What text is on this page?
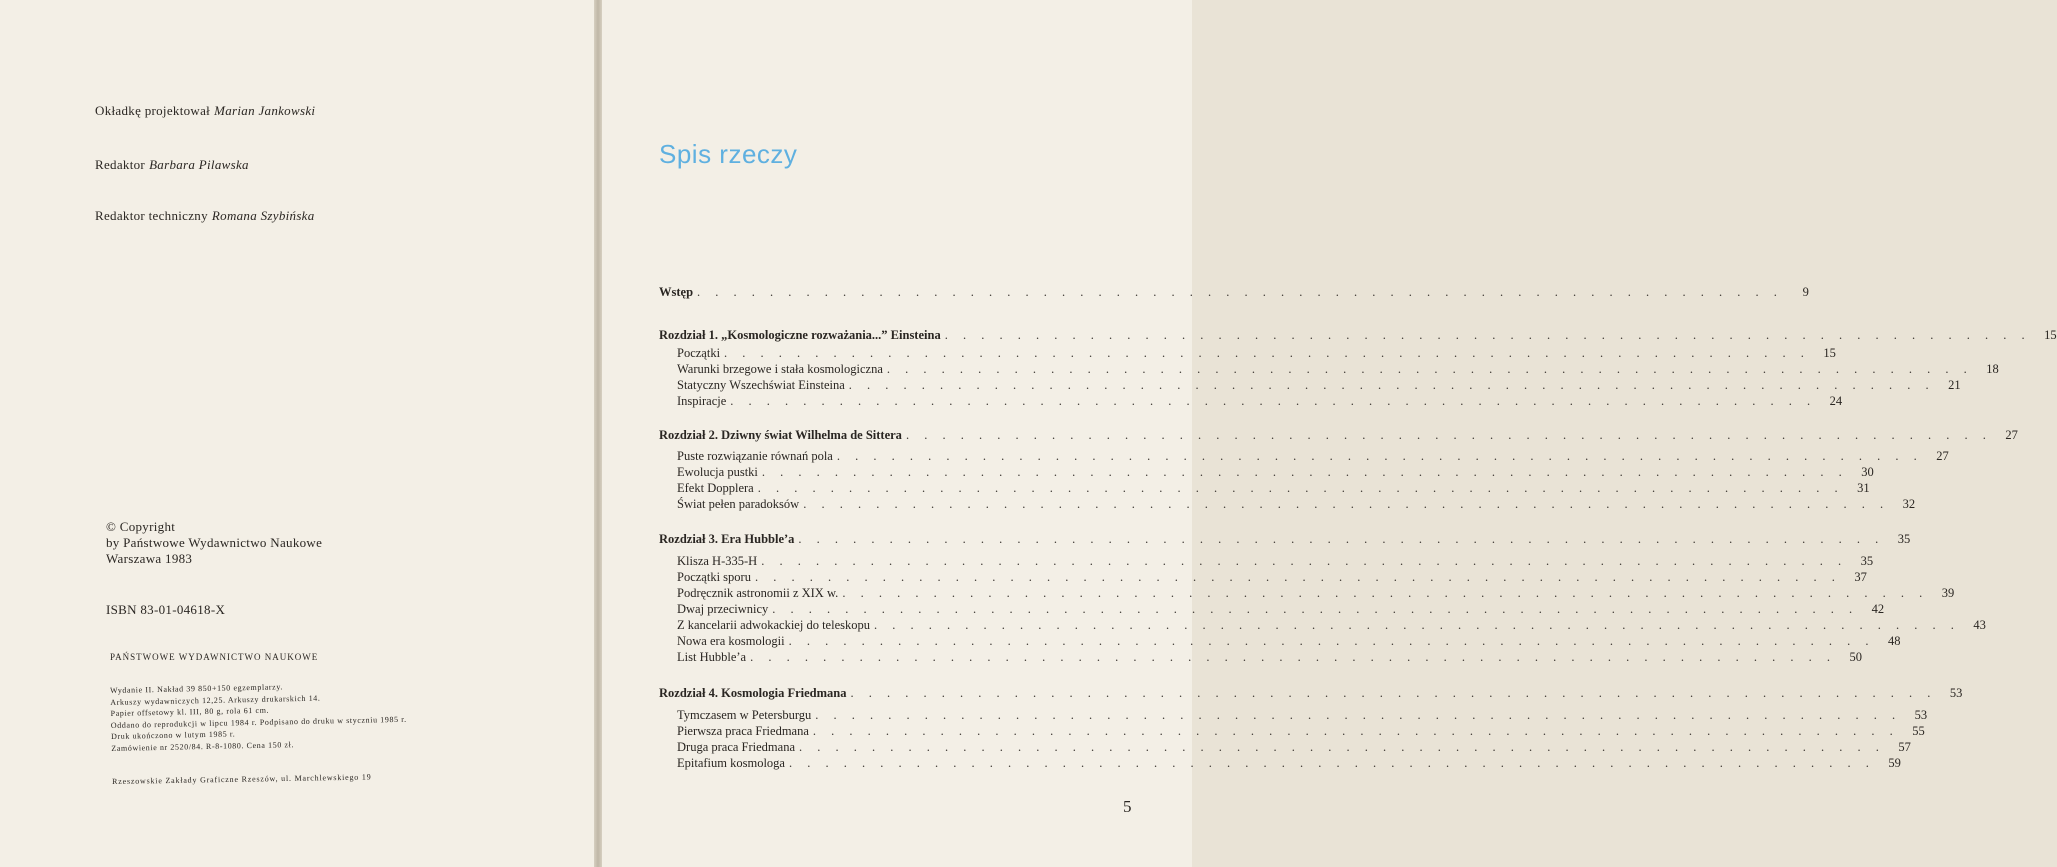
Okładkę projektował Marian Jankowski
Redaktor Barbara Pilawska
Redaktor techniczny Romana Szybińska
© Copyright
by Państwowe Wydawnictwo Naukowe
Warszawa 1983
ISBN 83-01-04618-X
PAŃSTWOWE WYDAWNICTWO NAUKOWE
Wydanie II. Nakład 39 850+150 egzemplarzy.
Arkuszy wydawniczych 12,25. Arkuszy drukarskich 14.
Papier offsetowy kl. III, 80 g, rola 61 cm.
Oddano do reprodukcji w lipcu 1984 r. Podpisano do druku w styczniu 1985 r.
Druk ukończono w lutym 1985 r.
Zamówienie nr 2520/84. R-8-1080. Cena 150 zł.
Rzeszowskie Zakłady Graficzne Rzeszów, ul. Marchlewskiego 19
Spis rzeczy
Wstęp . . . . . . . . . . . . . . . . . . . . . . . . . . . . . . . . . . . . . . . . . . . . . . . . . . . . . . . . . . . .	9
Rozdział 1. „Kosmologiczne rozważania...” Einsteina . . . . . . . . . . . . . . . . . . . . . . . . . . . . . . . . . . . . . . . . . . . . . . . . . . . . . . . . . . . .	15
Początki . . . . . . . . . . . . . . . . . . . . . . . . . . . . . . . . . . . . . . . . . . . . . . . . . . . . . . . . . . . .	15
Warunki brzegowe i stała kosmologiczna . . . . . . . . . . . . . . . . . . . . . . . . . . . . . . . . . . . . . . . . . . . . . . . . . . . . . . . . . . . .	18
Statyczny Wszechświat Einsteina . . . . . . . . . . . . . . . . . . . . . . . . . . . . . . . . . . . . . . . . . . . . . . . . . . . . . . . . . . . .	21
Inspiracje . . . . . . . . . . . . . . . . . . . . . . . . . . . . . . . . . . . . . . . . . . . . . . . . . . . . . . . . . . . .	24
Rozdział 2. Dziwny świat Wilhelma de Sittera . . . . . . . . . . . . . . . . . . . . . . . . . . . . . . . . . . . . . . . . . . . . . . . . . . . . . . . . . . . .	27
Puste rozwiązanie równań pola . . . . . . . . . . . . . . . . . . . . . . . . . . . . . . . . . . . . . . . . . . . . . . . . . . . . . . . . . . . .	27
Ewolucja pustki . . . . . . . . . . . . . . . . . . . . . . . . . . . . . . . . . . . . . . . . . . . . . . . . . . . . . . . . . . . .	30
Efekt Dopplera . . . . . . . . . . . . . . . . . . . . . . . . . . . . . . . . . . . . . . . . . . . . . . . . . . . . . . . . . . . .	31
Świat pełen paradoksów . . . . . . . . . . . . . . . . . . . . . . . . . . . . . . . . . . . . . . . . . . . . . . . . . . . . . . . . . . . .	32
Rozdział 3. Era Hubble’a . . . . . . . . . . . . . . . . . . . . . . . . . . . . . . . . . . . . . . . . . . . . . . . . . . . . . . . . . . . .	35
Klisza H-335-H . . . . . . . . . . . . . . . . . . . . . . . . . . . . . . . . . . . . . . . . . . . . . . . . . . . . . . . . . . . .	35
Początki sporu . . . . . . . . . . . . . . . . . . . . . . . . . . . . . . . . . . . . . . . . . . . . . . . . . . . . . . . . . . . .	37
Podręcznik astronomii z XIX w. . . . . . . . . . . . . . . . . . . . . . . . . . . . . . . . . . . . . . . . . . . . . . . . . . . . . . . . . . . . .	39
Dwaj przeciwnicy . . . . . . . . . . . . . . . . . . . . . . . . . . . . . . . . . . . . . . . . . . . . . . . . . . . . . . . . . . . .	42
Z kancelarii adwokackiej do teleskopu . . . . . . . . . . . . . . . . . . . . . . . . . . . . . . . . . . . . . . . . . . . . . . . . . . . . . . . . . . . .	43
Nowa era kosmologii . . . . . . . . . . . . . . . . . . . . . . . . . . . . . . . . . . . . . . . . . . . . . . . . . . . . . . . . . . . .	48
List Hubble’a . . . . . . . . . . . . . . . . . . . . . . . . . . . . . . . . . . . . . . . . . . . . . . . . . . . . . . . . . . . .	50
Rozdział 4. Kosmologia Friedmana . . . . . . . . . . . . . . . . . . . . . . . . . . . . . . . . . . . . . . . . . . . . . . . . . . . . . . . . . . . .	53
Tymczasem w Petersburgu . . . . . . . . . . . . . . . . . . . . . . . . . . . . . . . . . . . . . . . . . . . . . . . . . . . . . . . . . . . .	53
Pierwsza praca Friedmana . . . . . . . . . . . . . . . . . . . . . . . . . . . . . . . . . . . . . . . . . . . . . . . . . . . . . . . . . . . .	55
Druga praca Friedmana . . . . . . . . . . . . . . . . . . . . . . . . . . . . . . . . . . . . . . . . . . . . . . . . . . . . . . . . . . . .	57
Epitafium kosmologa . . . . . . . . . . . . . . . . . . . . . . . . . . . . . . . . . . . . . . . . . . . . . . . . . . . . . . . . . . . .	59
5
